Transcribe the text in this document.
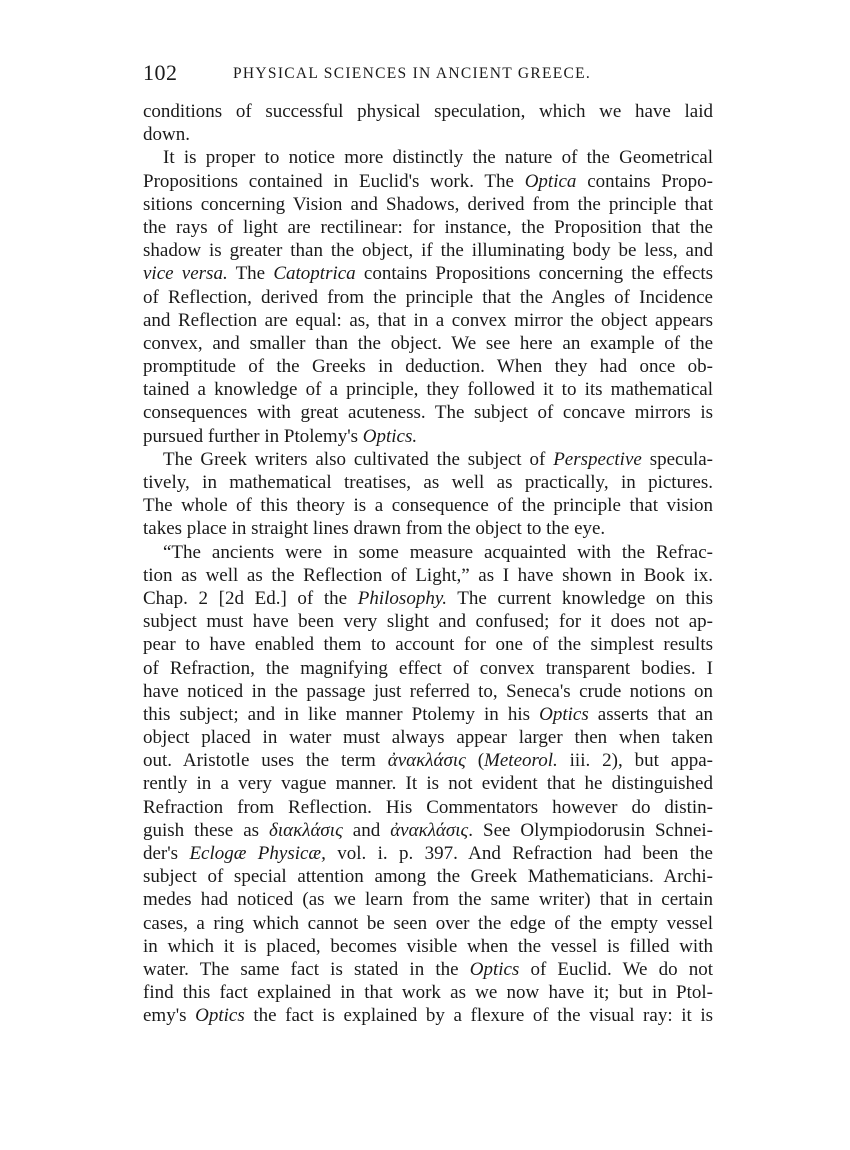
102	PHYSICAL SCIENCES IN ANCIENT GREECE.
conditions of successful physical speculation, which we have laid
down.
It is proper to notice more distinctly the nature of the Geometrical
Propositions contained in Euclid's work. The Optica contains Propo-
sitions concerning Vision and Shadows, derived from the principle that
the rays of light are rectilinear: for instance, the Proposition that the
shadow is greater than the object, if the illuminating body be less, and
vice versa. The Catoptrica contains Propositions concerning the effects
of Reflection, derived from the principle that the Angles of Incidence
and Reflection are equal: as, that in a convex mirror the object appears
convex, and smaller than the object. We see here an example of the
promptitude of the Greeks in deduction. When they had once ob-
tained a knowledge of a principle, they followed it to its mathematical
consequences with great acuteness. The subject of concave mirrors is
pursued further in Ptolemy's Optics.
The Greek writers also cultivated the subject of Perspective specula-
tively, in mathematical treatises, as well as practically, in pictures.
The whole of this theory is a consequence of the principle that vision
takes place in straight lines drawn from the object to the eye.
“The ancients were in some measure acquainted with the Refrac-
tion as well as the Reflection of Light,” as I have shown in Book ix.
Chap. 2 [2d Ed.] of the Philosophy. The current knowledge on this
subject must have been very slight and confused; for it does not ap-
pear to have enabled them to account for one of the simplest results
of Refraction, the magnifying effect of convex transparent bodies. I
have noticed in the passage just referred to, Seneca's crude notions on
this subject; and in like manner Ptolemy in his Optics asserts that an
object placed in water must always appear larger then when taken
out. Aristotle uses the term ἀνακλάσις (Meteorol. iii. 2), but appa-
rently in a very vague manner. It is not evident that he distinguished
Refraction from Reflection. His Commentators however do distin-
guish these as διακλάσις and ἀνακλάσις. See Olympiodorusin Schnei-
der's Eclogæ Physicæ, vol. i. p. 397. And Refraction had been the
subject of special attention among the Greek Mathematicians. Archi-
medes had noticed (as we learn from the same writer) that in certain
cases, a ring which cannot be seen over the edge of the empty vessel
in which it is placed, becomes visible when the vessel is filled with
water. The same fact is stated in the Optics of Euclid. We do not
find this fact explained in that work as we now have it; but in Ptol-
emy's Optics the fact is explained by a flexure of the visual ray: it is
